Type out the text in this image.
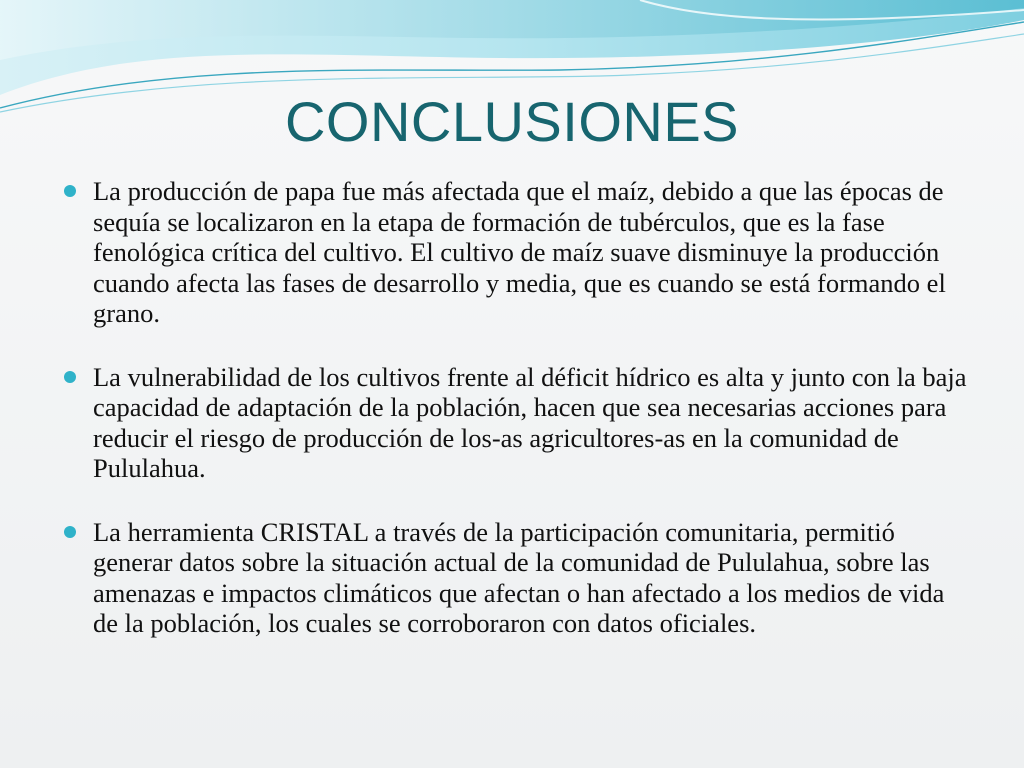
CONCLUSIONES
La producción de papa fue más afectada que el maíz, debido a que las épocas de sequía se localizaron en la etapa de formación de tubérculos, que es la fase fenológica crítica del cultivo. El cultivo de maíz suave disminuye la producción cuando afecta las fases de desarrollo y media, que es cuando se está formando el grano.
La vulnerabilidad de los cultivos frente al déficit hídrico es alta y junto con la baja capacidad de adaptación de la población, hacen que sea necesarias acciones para reducir el riesgo de producción de los-as agricultores-as en la comunidad de Pululahua.
La herramienta CRISTAL a través de la participación comunitaria, permitió generar datos sobre la situación actual de la comunidad de Pululahua, sobre las amenazas e impactos climáticos que afectan o han afectado a los medios de vida de la población, los cuales se corroboraron con datos oficiales.
